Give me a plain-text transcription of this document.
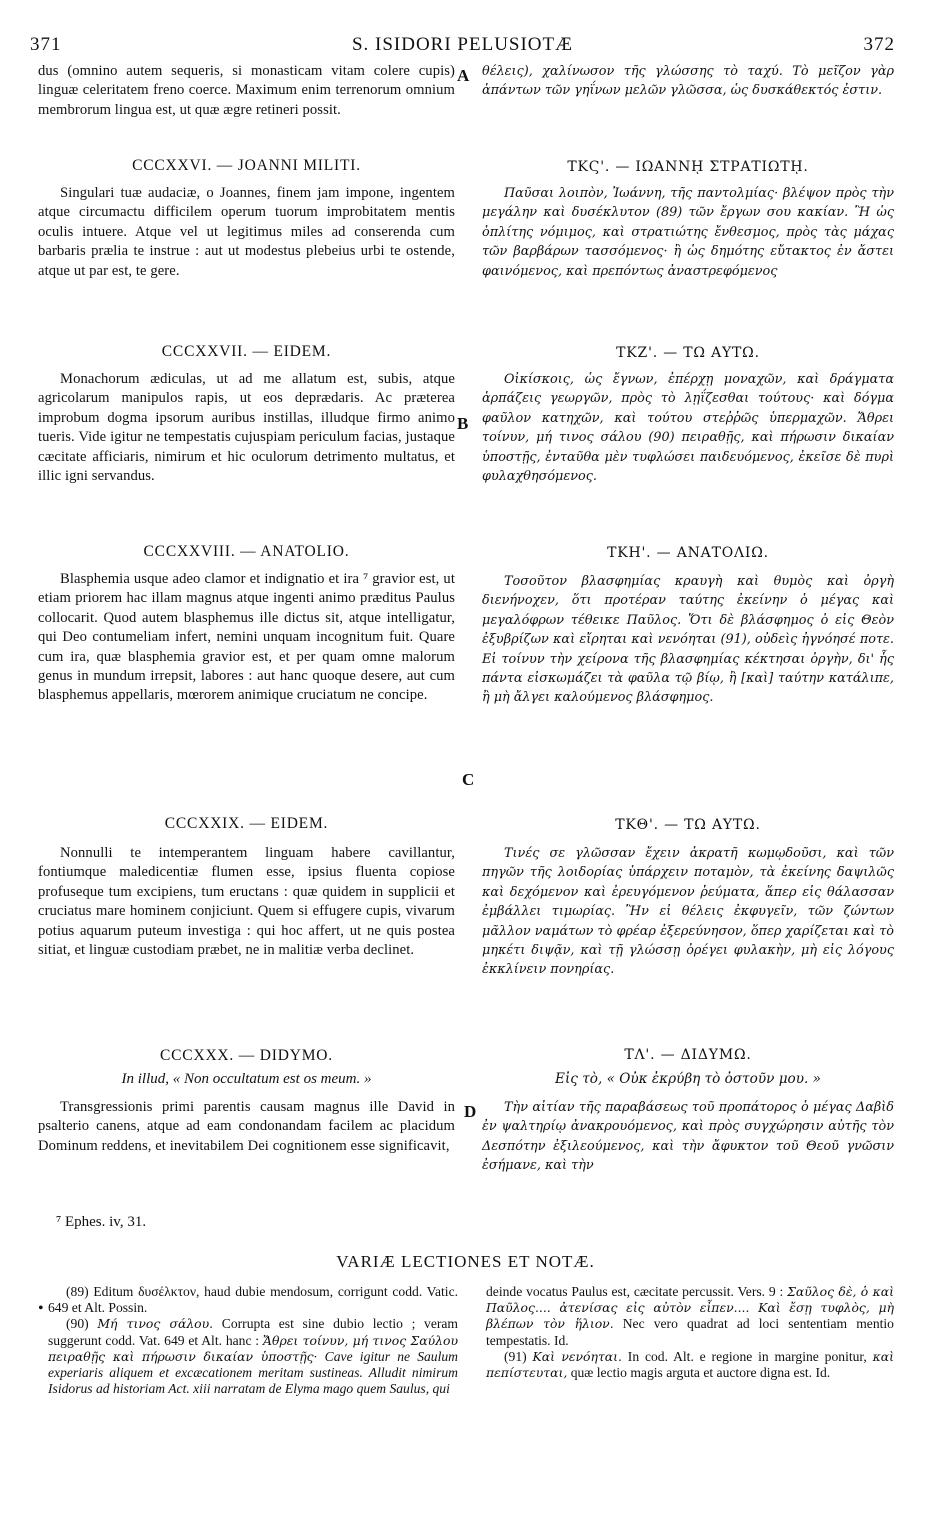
371	S. ISIDORI PELUSIOTÆ	372
dus (omnino autem sequeris, si monasticam vitam colere cupis) linguæ celeritatem freno coerce. Maximum enim terrenorum omnium membrorum lingua est, ut quæ ægre retineri possit.
CCCXXVI. — JOANNI MILITI.
Singulari tuæ audaciæ, o Joannes, finem jam impone, ingentem atque circumactu difficilem operum tuorum improbitatem mentis oculis intuere. Atque vel ut legitimus miles ad conserenda cum barbaris prælia te instrue : aut ut modestus plebeius urbi te ostende, atque ut par est, te gere.
CCCXXVII. — EIDEM.
Monachorum ædiculas, ut ad me allatum est, subis, atque agricolarum manipulos rapis, ut eos deprædaris. Ac præterea improbum dogma ipsorum auribus instillas, illudque firmo animo tueris. Vide igitur ne tempestatis cujuspiam periculum facias, justaque cæcitate afficiaris, nimirum et hic oculorum detrimento multatus, et illic igni servandus.
CCCXXVIII. — ANATOLIO.
Blasphemia usque adeo clamor et indignatio et ira ⁷ gravior est, ut etiam priorem hac illam magnus atque ingenti animo præditus Paulus collocarit. Quod autem blasphemus ille dictus sit, atque intelligatur, qui Deo contumeliam infert, nemini unquam incognitum fuit. Quare cum ira, quæ blasphemia gravior est, et per quam omne malorum genus in mundum irrepsit, labores : aut hanc quoque desere, aut cum blasphemus appellaris, mœrorem animique cruciatum ne concipe.
CCCXXIX. — EIDEM.
Nonnulli te intemperantem linguam habere cavillantur, fontiumque maledicentiæ flumen esse, ipsius fluenta copiose profuseque tum excipiens, tum eructans : quæ quidem in supplicii et cruciatus mare hominem conjiciunt. Quem si effugere cupis, vivarum potius aquarum puteum investiga : qui hoc affert, ut ne quis postea sitiat, et linguæ custodiam præbet, ne in malitiæ verba declinet.
CCCXXX. — DIDYMO.
In illud, « Non occultatum est os meum. »
Transgressionis primi parentis causam magnus ille David in psalterio canens, atque ad eam condonandam facilem ac placidum Dominum reddens, et inevitabilem Dei cognitionem esse significavit,
A
B
C
D
θέλεις), χαλίνωσον τῆς γλώσσης τὸ ταχύ. Τὸ μεῖζον γὰρ ἁπάντων τῶν γηΐνων μελῶν γλῶσσα, ὡς δυσκάθεκτός ἐστιν.
ΤΚϚ'. — ΙΩΑΝΝῌ ΣΤΡΑΤΙΩΤῌ.
Παῦσαι λοιπὸν, Ἰωάννη, τῆς παντολμίας· βλέψον πρὸς τὴν μεγάλην καὶ δυσέκλυτον (89) τῶν ἔργων σου κακίαν. Ἢ ὡς ὁπλίτης νόμιμος, καὶ στρατιώτης ἔνθεσμος, πρὸς τὰς μάχας τῶν βαρβάρων τασσόμενος· ἢ ὡς δημότης εὔτακτος ἐν ἄστει φαινόμενος, καὶ πρεπόντως ἀναστρεφόμενος
ΤΚΖ'. — ΤΩ ΑΥΤΩ.
Οἰκίσκοις, ὡς ἔγνων, ἐπέρχῃ μοναχῶν, καὶ δράγματα ἁρπάζεις γεωργῶν, πρὸς τὸ λῃΐζεσθαι τούτους· καὶ δόγμα φαῦλον κατηχῶν, καὶ τούτου στεῤῥῶς ὑπερμαχῶν. Ἄθρει τοίνυν, μή τινος σάλου (90) πειραθῇς, καὶ πήρωσιν δικαίαν ὑποστῇς, ἐνταῦθα μὲν τυφλώσει παιδευόμενος, ἐκεῖσε δὲ πυρὶ φυλαχθησόμενος.
ΤΚΗ'. — ΑΝΑΤΟΛΙΩ.
Τοσοῦτον βλασφημίας κραυγὴ καὶ θυμὸς καὶ ὀργὴ διενήνοχεν, ὅτι προτέραν ταύτης ἐκείνην ὁ μέγας καὶ μεγαλόφρων τέθεικε Παῦλος. Ὅτι δὲ βλάσφημος ὁ εἰς Θεὸν ἐξυβρίζων καὶ εἴρηται καὶ νενόηται (91), οὐδεὶς ἠγνόησέ ποτε. Εἰ τοίνυν τὴν χείρονα τῆς βλασφημίας κέκτησαι ὀργὴν, δι' ἧς πάντα εἰσκωμάζει τὰ φαῦλα τῷ βίῳ, ἢ [καὶ] ταύτην κατάλιπε, ἢ μὴ ἄλγει καλούμενος βλάσφημος.
ΤΚΘ'. — ΤΩ ΑΥΤΩ.
Τινές σε γλῶσσαν ἔχειν ἀκρατῆ κωμῳδοῦσι, καὶ τῶν πηγῶν τῆς λοιδορίας ὑπάρχειν ποταμὸν, τὰ ἐκείνης δαψιλῶς καὶ δεχόμενον καὶ ἐρευγόμενον ῥεύματα, ἅπερ εἰς θάλασσαν ἐμβάλλει τιμωρίας. Ἢν εἰ θέλεις ἐκφυγεῖν, τῶν ζώντων μᾶλλον ναμάτων τὸ φρέαρ ἐξερεύνησον, ὅπερ χαρίζεται καὶ τὸ μηκέτι διψᾷν, καὶ τῇ γλώσσῃ ὀρέγει φυλακὴν, μὴ εἰς λόγους ἐκκλίνειν πονηρίας.
ΤΛ'. — ΔΙΔΥΜΩ.
Εἰς τὸ, « Οὐκ ἐκρύβη τὸ ὀστοῦν μου. »
Τὴν αἰτίαν τῆς παραβάσεως τοῦ προπάτορος ὁ μέγας Δαβὶδ ἐν ψαλτηρίῳ ἀνακρουόμενος, καὶ πρὸς συγχώρησιν αὐτῆς τὸν Δεσπότην ἐξιλεούμενος, καὶ τὴν ἄφυκτον τοῦ Θεοῦ γνῶσιν ἐσήμανε, καὶ τὴν
⁷ Ephes. iv, 31.
VARIÆ LECTIONES ET NOTÆ.
•

(89) Editum δυσέλκτον, haud dubie mendosum, corrigunt codd. Vatic. 649 et Alt. Possin.

(90) Μή τινος σάλου. Corrupta est sine dubio lectio ; veram suggerunt codd. Vat. 649 et Alt. hanc : Ἄθρει τοίνυν, μή τινος Σαύλου πειραθῇς καὶ πήρωσιν δικαίαν ὑποστῇς· Cave igitur ne Saulum experiaris aliquem et excæcationem meritam sustineas. Alludit nimirum Isidorus ad historiam Act. xiii narratam de Elyma mago quem Saulus, qui

deinde vocatus Paulus est, cæcitate percussit. Vers. 9 : Σαῦλος δὲ, ὁ καὶ Παῦλος.... ἀτενίσας εἰς αὐτὸν εἶπεν.... Καὶ ἔσῃ τυφλὸς, μὴ βλέπων τὸν ἥλιον. Nec vero quadrat ad loci sententiam mentio tempestatis. Id.

(91) Καὶ νενόηται. In cod. Alt. e regione in margine ponitur, καὶ πεπίστευται, quæ lectio magis arguta et auctore digna est. Id.
